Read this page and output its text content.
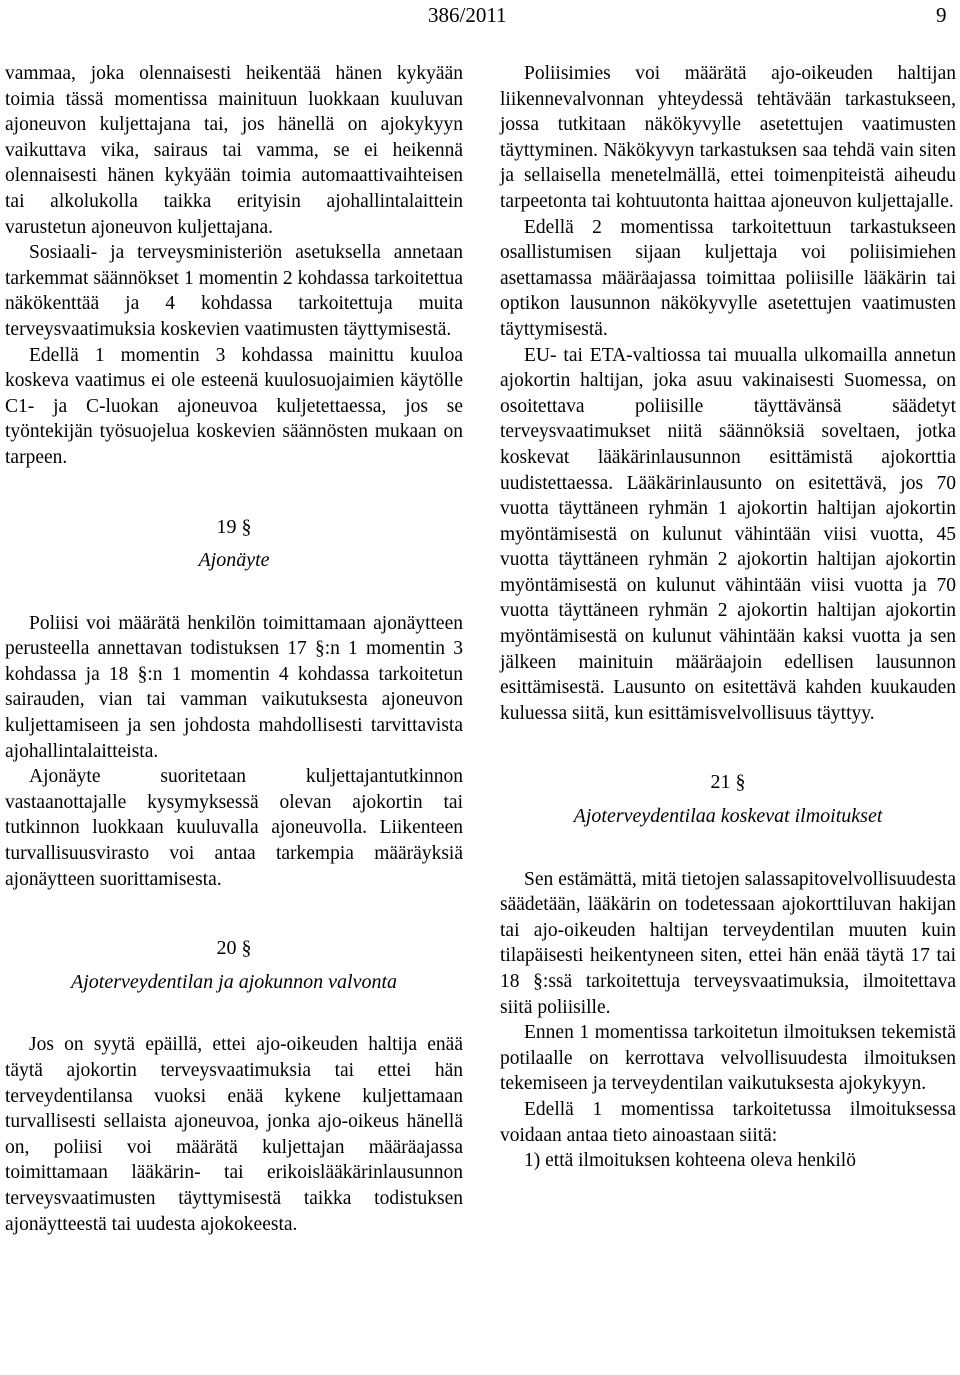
386/2011	9

vammaa, joka olennaisesti heikentää hänen kykyään toimia tässä momentissa mainituun luokkaan kuuluvan ajoneuvon kuljettajana tai, jos hänellä on ajokykyyn vaikuttava vika, sairaus tai vamma, se ei heikennä olennaisesti hänen kykyään toimia automaattivaihteisen tai alkolukolla taikka erityisin ajohallintalaittein varustetun ajoneuvon kuljettajana.

Sosiaali- ja terveysministeriön asetuksella annetaan tarkemmat säännökset 1 momentin 2 kohdassa tarkoitettua näkökenttää ja 4 kohdassa tarkoitettuja muita terveysvaatimuksia koskevien vaatimusten täyttymisestä.

Edellä 1 momentin 3 kohdassa mainittu kuuloa koskeva vaatimus ei ole esteenä kuulosuojaimien käytölle C1- ja C-luokan ajoneuvoa kuljetettaessa, jos se työntekijän työsuojelua koskevien säännösten mukaan on tarpeen.

19 §

Ajonäyte

Poliisi voi määrätä henkilön toimittamaan ajonäytteen perusteella annettavan todistuksen 17 §:n 1 momentin 3 kohdassa ja 18 §:n 1 momentin 4 kohdassa tarkoitetun sairauden, vian tai vamman vaikutuksesta ajoneuvon kuljettamiseen ja sen johdosta mahdollisesti tarvittavista ajohallintalaitteista.

Ajonäyte suoritetaan kuljettajantutkinnon vastaanottajalle kysymyksessä olevan ajokortin tai tutkinnon luokkaan kuuluvalla ajoneuvolla. Liikenteen turvallisuusvirasto voi antaa tarkempia määräyksiä ajonäytteen suorittamisesta.

20 §

Ajoterveydentilan ja ajokunnon valvonta

Jos on syytä epäillä, ettei ajo-oikeuden haltija enää täytä ajokortin terveysvaatimuksia tai ettei hän terveydentilansa vuoksi enää kykene kuljettamaan turvallisesti sellaista ajoneuvoa, jonka ajo-oikeus hänellä on, poliisi voi määrätä kuljettajan määräajassa toimittamaan lääkärin- tai erikoislääkärinlausunnon terveysvaatimusten täyttymisestä taikka todistuksen ajonäytteestä tai uudesta ajokokeesta.

Poliisimies voi määrätä ajo-oikeuden haltijan liikennevalvonnan yhteydessä tehtävään tarkastukseen, jossa tutkitaan näkökyvylle asetettujen vaatimusten täyttyminen. Näkökyvyn tarkastuksen saa tehdä vain siten ja sellaisella menetelmällä, ettei toimenpiteistä aiheudu tarpeetonta tai kohtuutonta haittaa ajoneuvon kuljettajalle.

Edellä 2 momentissa tarkoitettuun tarkastukseen osallistumisen sijaan kuljettaja voi poliisimiehen asettamassa määräajassa toimittaa poliisille lääkärin tai optikon lausunnon näkökyvylle asetettujen vaatimusten täyttymisestä.

EU- tai ETA-valtiossa tai muualla ulkomailla annetun ajokortin haltijan, joka asuu vakinaisesti Suomessa, on osoitettava poliisille täyttävänsä säädetyt terveysvaatimukset niitä säännöksiä soveltaen, jotka koskevat lääkärinlausunnon esittämistä ajokorttia uudistettaessa. Lääkärinlausunto on esitettävä, jos 70 vuotta täyttäneen ryhmän 1 ajokortin haltijan ajokortin myöntämisestä on kulunut vähintään viisi vuotta, 45 vuotta täyttäneen ryhmän 2 ajokortin haltijan ajokortin myöntämisestä on kulunut vähintään viisi vuotta ja 70 vuotta täyttäneen ryhmän 2 ajokortin haltijan ajokortin myöntämisestä on kulunut vähintään kaksi vuotta ja sen jälkeen mainituin määräajoin edellisen lausunnon esittämisestä. Lausunto on esitettävä kahden kuukauden kuluessa siitä, kun esittämisvelvollisuus täyttyy.

21 §

Ajoterveydentilaa koskevat ilmoitukset

Sen estämättä, mitä tietojen salassapitovelvollisuudesta säädetään, lääkärin on todetessaan ajokorttiluvan hakijan tai ajo-oikeuden haltijan terveydentilan muuten kuin tilapäisesti heikentyneen siten, ettei hän enää täytä 17 tai 18 §:ssä tarkoitettuja terveysvaatimuksia, ilmoitettava siitä poliisille.

Ennen 1 momentissa tarkoitetun ilmoituksen tekemistä potilaalle on kerrottava velvollisuudesta ilmoituksen tekemiseen ja terveydentilan vaikutuksesta ajokykyyn.

Edellä 1 momentissa tarkoitetussa ilmoituksessa voidaan antaa tieto ainoastaan siitä:

1) että ilmoituksen kohteena oleva henkilö
